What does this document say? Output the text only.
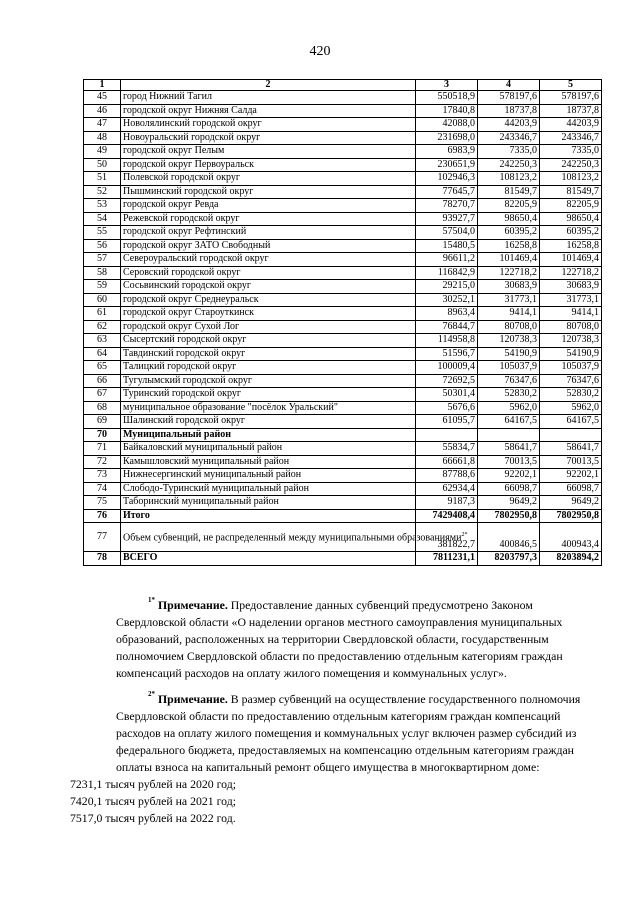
420
1	2	3	4	5
45	город Нижний Тагил	550518,9	578197,6	578197,6
46	городской округ Нижняя Салда	17840,8	18737,8	18737,8
47	Новолялинский городской округ	42088,0	44203,9	44203,9
48	Новоуральский городской округ	231698,0	243346,7	243346,7
49	городской округ Пелым	6983,9	7335,0	7335,0
50	городской округ Первоуральск	230651,9	242250,3	242250,3
51	Полевской городской округ	102946,3	108123,2	108123,2
52	Пышминский городской округ	77645,7	81549,7	81549,7
53	городской округ Ревда	78270,7	82205,9	82205,9
54	Режевской городской округ	93927,7	98650,4	98650,4
55	городской округ Рефтинский	57504,0	60395,2	60395,2
56	городской округ ЗАТО Свободный	15480,5	16258,8	16258,8
57	Североуральский городской округ	96611,2	101469,4	101469,4
58	Серовский городской округ	116842,9	122718,2	122718,2
59	Сосьвинский городской округ	29215,0	30683,9	30683,9
60	городской округ Среднеуральск	30252,1	31773,1	31773,1
61	городской округ Староуткинск	8963,4	9414,1	9414,1
62	городской округ Сухой Лог	76844,7	80708,0	80708,0
63	Сысертский городской округ	114958,8	120738,3	120738,3
64	Тавдинский городской округ	51596,7	54190,9	54190,9
65	Талицкий городской округ	100009,4	105037,9	105037,9
66	Тугулымский городской округ	72692,5	76347,6	76347,6
67	Туринский городской округ	50301,4	52830,2	52830,2
68	муниципальное образование "посёлок Уральский"	5676,6	5962,0	5962,0
69	Шалинский городской округ	61095,7	64167,5	64167,5
70	Муниципальный район			
71	Байкаловский муниципальный район	55834,7	58641,7	58641,7
72	Камышловский муниципальный район	66661,8	70013,5	70013,5
73	Нижнесергинский муниципальный район	87788,6	92202,1	92202,1
74	Слободо-Туринский муниципальный район	62934,4	66098,7	66098,7
75	Таборинский муниципальный район	9187,3	9649,2	9649,2
76	Итого	7429408,4	7802950,8	7802950,8
77	Объем субвенций, не распределенный между муниципальными образованиями$^{2*}$	381822,7	400846,5	400943,4
78	ВСЕГО	7811231,1	8203797,3	8203894,2

$^{1*}$ Примечание. Предоставление данных субвенций предусмотрено Законом Свердловской области «О наделении органов местного самоуправления муниципальных образований, расположенных на территории Свердловской области, государственным полномочием Свердловской области по предоставлению отдельным категориям граждан компенсаций расходов на оплату жилого помещения и коммунальных услуг».

$^{2*}$ Примечание. В размер субвенций на осуществление государственного полномочия Свердловской области по предоставлению отдельным категориям граждан компенсаций расходов на оплату жилого помещения и коммунальных услуг включен размер субсидий из федерального бюджета, предоставляемых на компенсацию отдельным категориям граждан оплаты взноса на капитальный ремонт общего имущества в многоквартирном доме:

7231,1 тысяч рублей на 2020 год;

7420,1 тысяч рублей на 2021 год;

7517,0 тысяч рублей на 2022 год.
